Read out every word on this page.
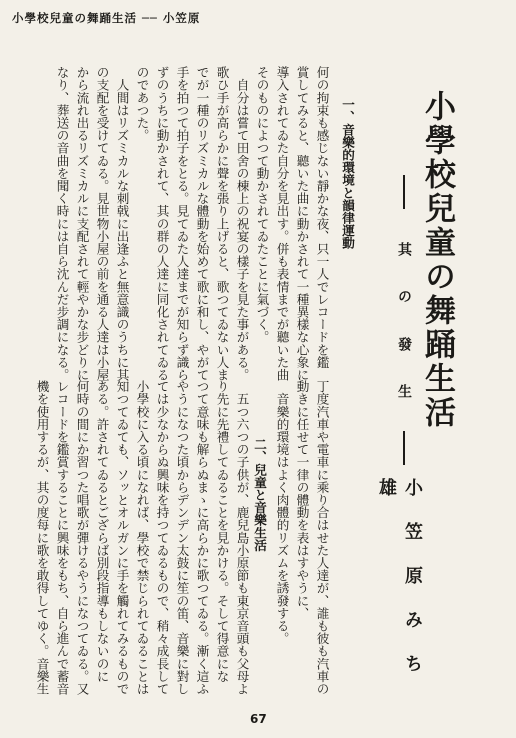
小學校兒童の舞踊生活 ── 小笠原
小學校兒童の舞踊生活
其
の
發
生
小笠原みち雄
一、音樂的環境と韻律運動

何の拘束も感じない靜かな夜、只一人でレコードを鑑

賞してみると、聽いた曲に動かされて一種異樣な心象に

導入されてゐた自分を見出す。併も表情までが聽いた曲

そのものによつて動かされてゐたことに氣づく。

　自分は嘗て田舍の棟上の祝宴の樣子を見た事がある。

歌ひ手が高らかに聲を張り上げると、歌つてゐない人ま

でが一種のリズミカルな體動を始めて歌に和し、やがて

手を拍つて拍子をとる。見てゐた人達までが知らず識ら

ずのうちに動かされて、其の群の人達に同化されてゐる

のであつた。

　人間はリズミカルな刺戟に出逢ふと無意識のうちに其

の支配を受けてゐる。見世物小屋の前を通る人達は小屋

から流れ出るリズミカルに支配されて輕やかな步どりに

なり、葬送の音曲を聞く時には自ら沈んだ步調になる。

丁度汽車や電車に乘り合はせた人達が、誰も彼も汽車の
動きに任せて一律の體動を表はすやうに、
　音樂的環境はよく肉體的リズムを誘發する。
二、兒童と音樂生活
　五つ六つの子供が、鹿兒島小原節も東京音頭も父母よ
り先に先禮してゐることを見かける。そして得意にな
つて意味も解らぬまゝに高らかに歌つてゐる。漸く這ふ
やうになつた頃からデンデン太鼓に笙の笛、音樂に對し
ては少なからぬ興味を持つてゐるもので、稍々成長して
小學校に入る頃になれば、學校で禁じられてゐることは
知つてゐても、ソッとオルガンに手を觸れてみるもので
ある。許されてゐるとござらば別段指導もしないのに
何時の間にか習つた唱歌が彈けるやうになつてゐる。又
レコードを鑑賞することに興味をもち、自ら進んで蓄音
機を使用するが、其の度每に歌を敢得してゆく。音樂生
67
